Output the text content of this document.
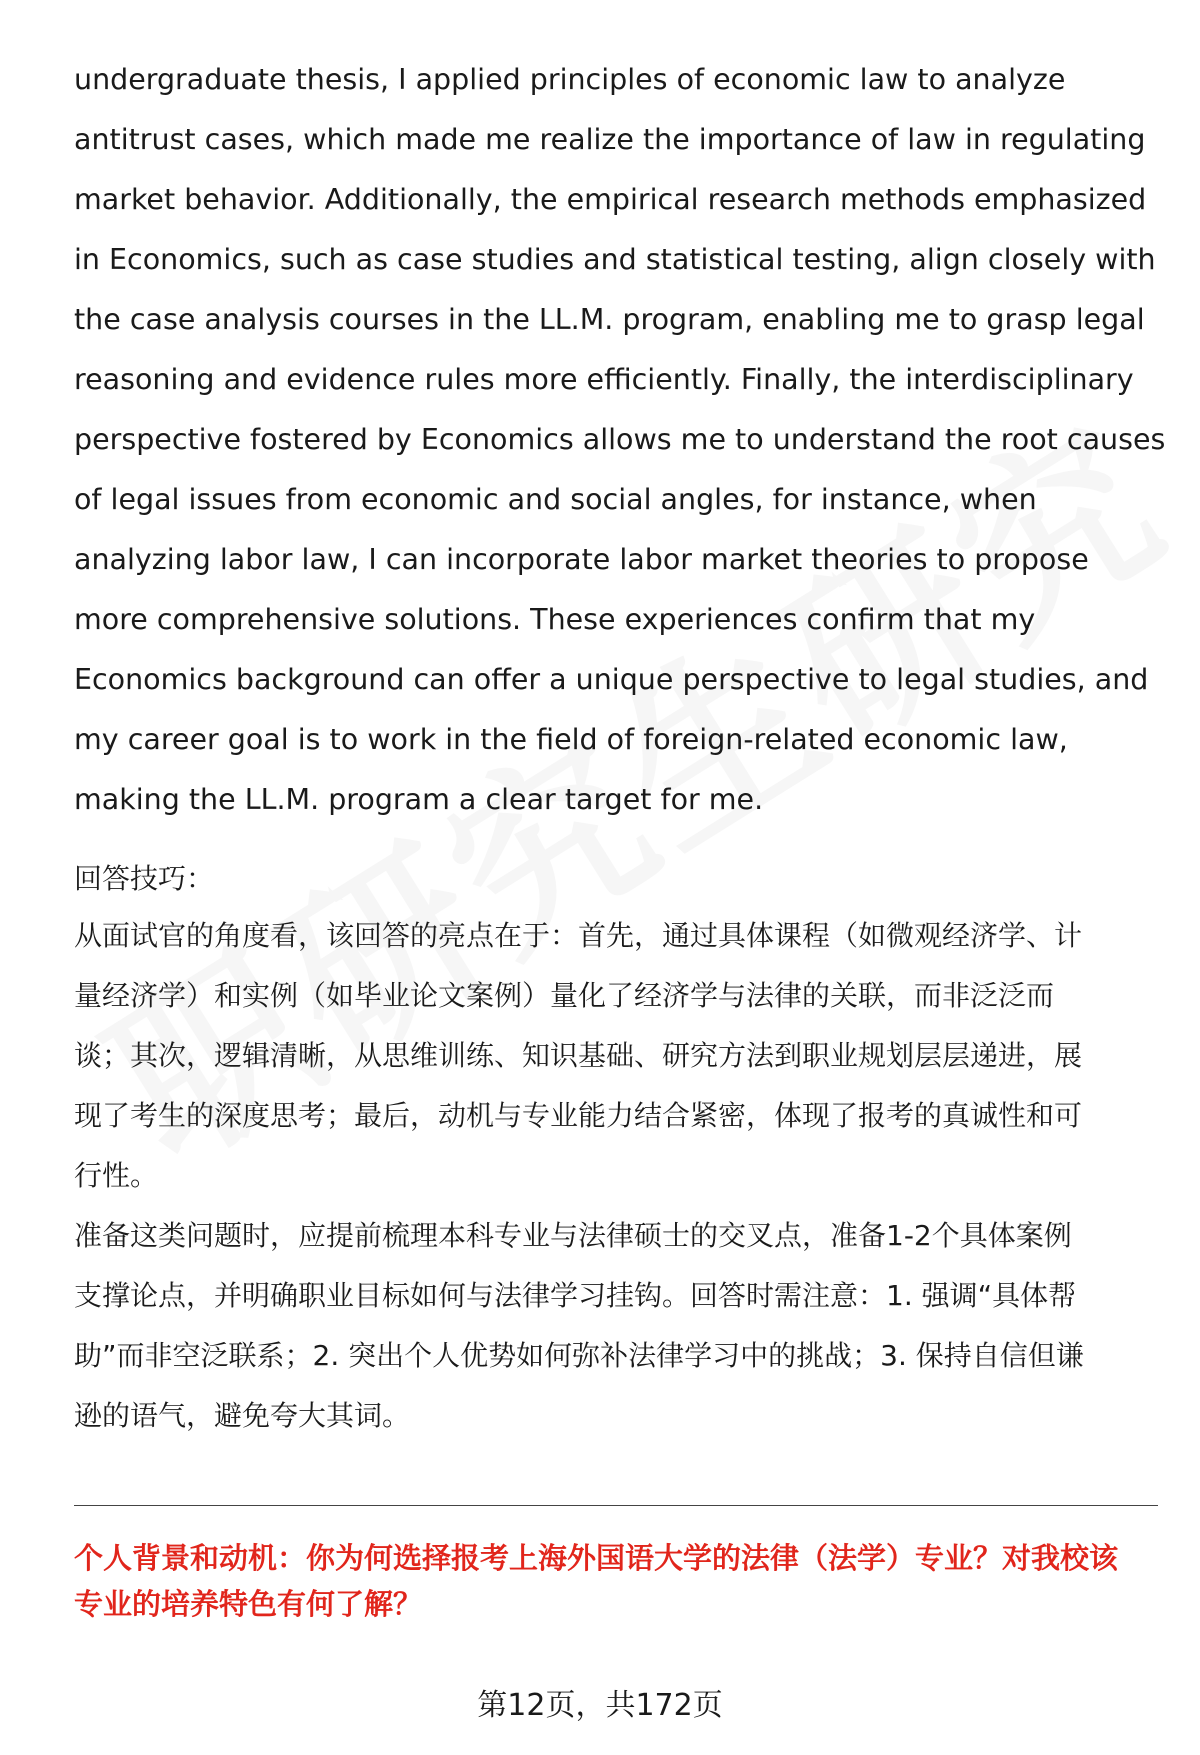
undergraduate thesis, I applied principles of economic law to analyze
antitrust cases, which made me realize the importance of law in regulating
market behavior. Additionally, the empirical research methods emphasized
in Economics, such as case studies and statistical testing, align closely with
the case analysis courses in the LL.M. program, enabling me to grasp legal
reasoning and evidence rules more efficiently. Finally, the interdisciplinary
perspective fostered by Economics allows me to understand the root causes
of legal issues from economic and social angles, for instance, when
analyzing labor law, I can incorporate labor market theories to propose
more comprehensive solutions. These experiences confirm that my
Economics background can offer a unique perspective to legal studies, and
my career goal is to work in the field of foreign-related economic law,
making the LL.M. program a clear target for me.

回答技巧：

从面试官的角度看，该回答的亮点在于：首先，通过具体课程（如微观经济学、计
量经济学）和实例（如毕业论文案例）量化了经济学与法律的关联，而非泛泛而
谈；其次，逻辑清晰，从思维训练、知识基础、研究方法到职业规划层层递进，展
现了考生的深度思考；最后，动机与专业能力结合紧密，体现了报考的真诚性和可
行性。

准备这类问题时，应提前梳理本科专业与法律硕士的交叉点，准备1-2个具体案例
支撑论点，并明确职业目标如何与法律学习挂钩。回答时需注意：1. 强调“具体帮
助”而非空泛联系；2. 突出个人优势如何弥补法律学习中的挑战；3. 保持自信但谦
逊的语气，避免夸大其词。

个人背景和动机：你为何选择报考上海外国语大学的法律（法学）专业？对我校该
专业的培养特色有何了解？
第12页，共172页
